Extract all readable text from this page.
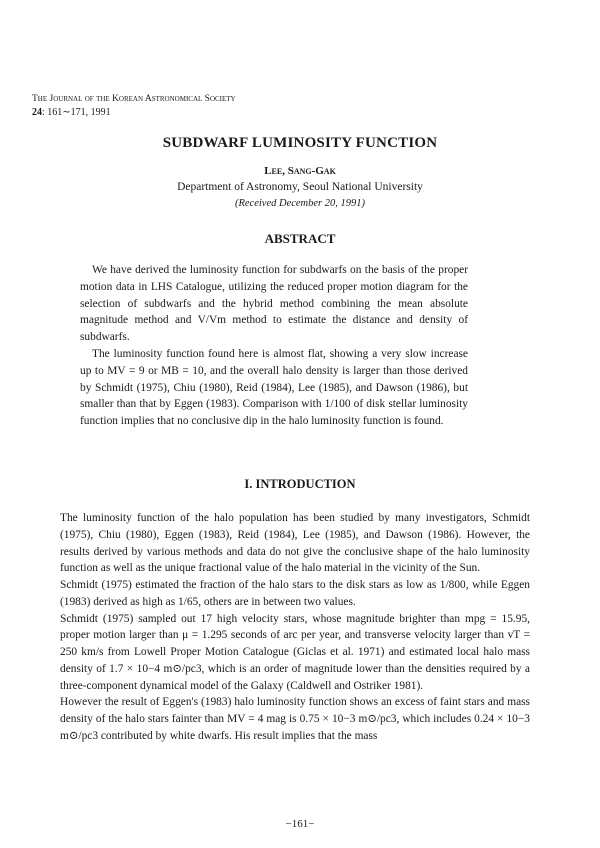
The Journal of the Korean Astronomical Society
24: 161∼171, 1991
SUBDWARF LUMINOSITY FUNCTION
Lee, Sang-Gak
Department of Astronomy, Seoul National University
(Received December 20, 1991)
ABSTRACT

We have derived the luminosity function for subdwarfs on the basis of the proper motion data in LHS Catalogue, utilizing the reduced proper motion diagram for the selection of subdwarfs and the hybrid method combining the mean absolute magnitude method and V/Vm method to estimate the distance and density of subdwarfs.

The luminosity function found here is almost flat, showing a very slow increase up to MV = 9 or MB = 10, and the overall halo density is larger than those derived by Schmidt (1975), Chiu (1980), Reid (1984), Lee (1985), and Dawson (1986), but smaller than that by Eggen (1983). Comparison with 1/100 of disk stellar luminosity function implies that no conclusive dip in the halo luminosity function is found.

I. INTRODUCTION

The luminosity function of the halo population has been studied by many investigators, Schmidt (1975), Chiu (1980), Eggen (1983), Reid (1984), Lee (1985), and Dawson (1986). However, the results derived by various methods and data do not give the conclusive shape of the halo luminosity function as well as the unique fractional value of the halo material in the vicinity of the Sun.

Schmidt (1975) estimated the fraction of the halo stars to the disk stars as low as 1/800, while Eggen (1983) derived as high as 1/65, others are in between two values.

Schmidt (1975) sampled out 17 high velocity stars, whose magnitude brighter than mpg = 15.95, proper motion larger than μ = 1.295 seconds of arc per year, and transverse velocity larger than vT = 250 km/s from Lowell Proper Motion Catalogue (Giclas et al. 1971) and estimated local halo mass density of 1.7 × 10−4 m⊙/pc3, which is an order of magnitude lower than the densities required by a three-component dynamical model of the Galaxy (Caldwell and Ostriker 1981).

However the result of Eggen's (1983) halo luminosity function shows an excess of faint stars and mass density of the halo stars fainter than MV = 4 mag is 0.75 × 10−3 m⊙/pc3, which includes 0.24 × 10−3 m⊙/pc3 contributed by white dwarfs. His result implies that the mass

−161−
